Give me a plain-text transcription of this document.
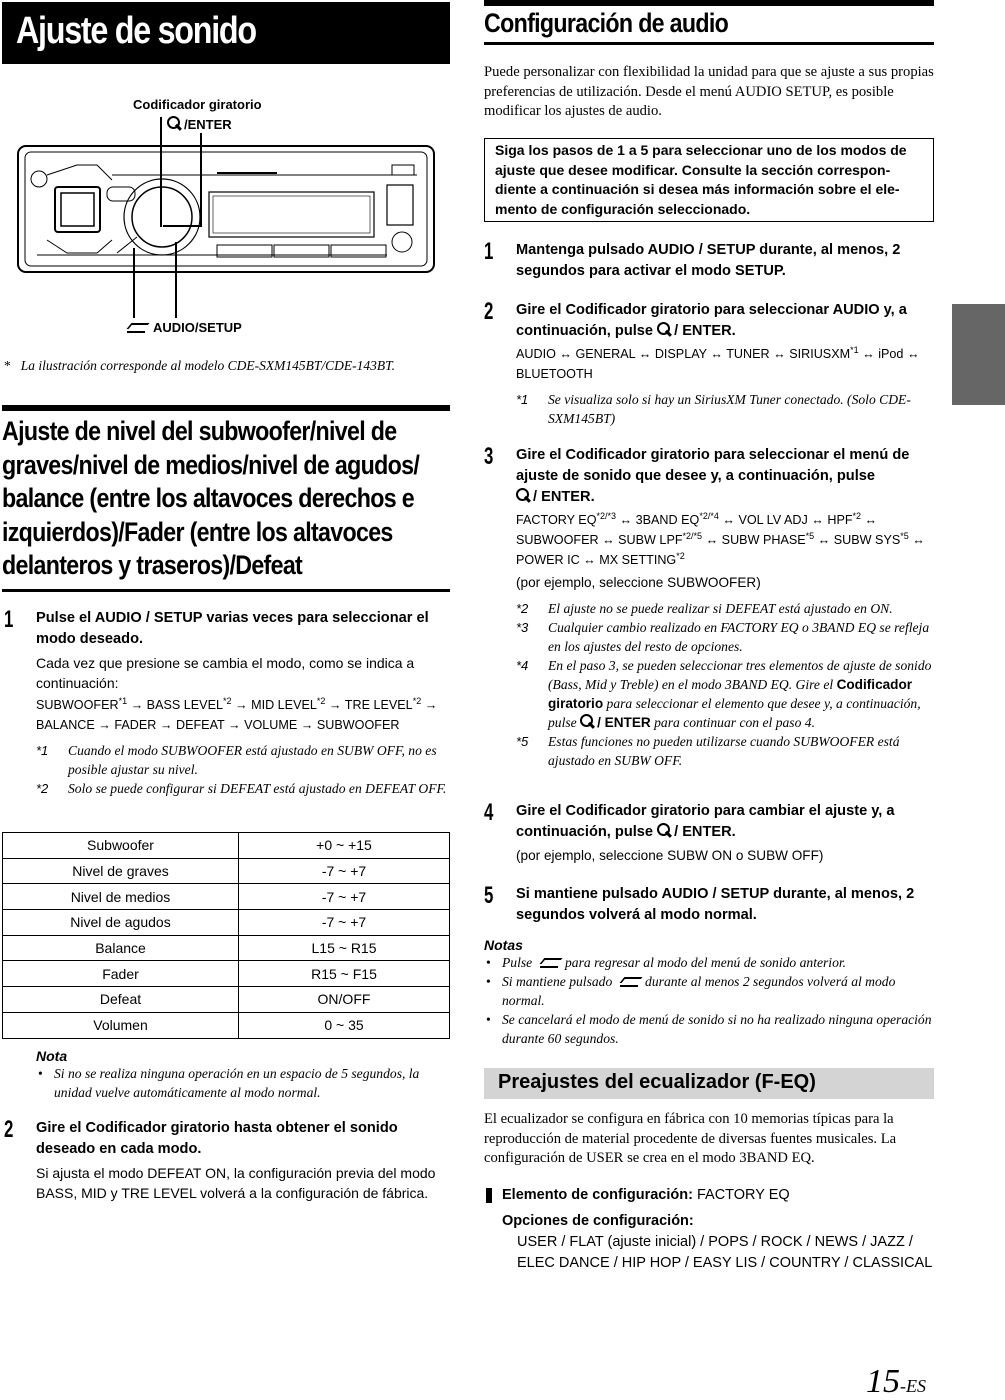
Ajuste de sonido
Codificador giratorio
/ENTER
AUDIO/SETUP
* La ilustración corresponde al modelo CDE-SXM145BT/CDE-143BT.
Ajuste de nivel del subwoofer/nivel de
graves/nivel de medios/nivel de agudos/
balance (entre los altavoces derechos e
izquierdos)/Fader (entre los altavoces
delanteros y traseros)/Defeat
1 Pulse el AUDIO / SETUP varias veces para seleccionar el modo deseado.
Cada vez que presione se cambia el modo, como se indica a continuación:
$SUBWOOFER^{*1}$ → BASS $LEVEL^{*2}$ → MID $LEVEL^{*2}$ → TRE $LEVEL^{*2}$ → BALANCE → FADER → DEFEAT → VOLUME → SUBWOOFER
*1 Cuando el modo SUBWOOFER está ajustado en SUBW OFF, no es posible ajustar su nivel.
*2 Solo se puede configurar si DEFEAT está ajustado en DEFEAT OFF.
Subwoofer	+0 ~ +15
Nivel de graves	-7 ~ +7
Nivel de medios	-7 ~ +7
Nivel de agudos	-7 ~ +7
Balance	L15 ~ R15
Fader	R15 ~ F15
Defeat	ON/OFF
Volumen	0 ~ 35
Nota
• Si no se realiza ninguna operación en un espacio de 5 segundos, la unidad vuelve automáticamente al modo normal.
2 Gire el Codificador giratorio hasta obtener el sonido deseado en cada modo.
Si ajusta el modo DEFEAT ON, la configuración previa del modo BASS, MID y TRE LEVEL volverá a la configuración de fábrica.
Configuración de audio
Puede personalizar con flexibilidad la unidad para que se ajuste a sus propias preferencias de utilización. Desde el menú AUDIO SETUP, es posible modificar los ajustes de audio.
Siga los pasos de 1 a 5 para seleccionar uno de los modos de ajuste que desee modificar. Consulte la sección correspon- diente a continuación si desea más información sobre el ele- mento de configuración seleccionado.
1 Mantenga pulsado AUDIO / SETUP durante, al menos, 2 segundos para activar el modo SETUP.
2 Gire el Codificador giratorio para seleccionar AUDIO y, a continuación, pulse / ENTER.
AUDIO ↔ GENERAL ↔ DISPLAY ↔ TUNER ↔ SIRIUSXM$^{*1}$ ↔ iPod ↔ BLUETOOTH
*1 Se visualiza solo si hay un SiriusXM Tuner conectado. (Solo CDE-SXM145BT)
3 Gire el Codificador giratorio para seleccionar el menú de ajuste de sonido que desee y, a continuación, pulse
/ ENTER.
FACTORY $EQ^{*2/*3}$ ↔ 3BAND $EQ^{*2/*4}$ ↔ VOL LV ADJ ↔ HPF$^{*2}$ ↔ SUBWOOFER ↔ SUBW $LPF^{*2/*5}$ ↔ SUBW PHASE$^{*5}$ ↔ SUBW SYS$^{*5}$ ↔ POWER IC ↔ MX SETTING$^{*2}$
(por ejemplo, seleccione SUBWOOFER)
*2 El ajuste no se puede realizar si DEFEAT está ajustado en ON.
*3 Cualquier cambio realizado en FACTORY EQ o 3BAND EQ se refleja en los ajustes del resto de opciones.
*4 En el paso 3, se pueden seleccionar tres elementos de ajuste de sonido (Bass, Mid y Treble) en el modo 3BAND EQ. Gire el Codificador giratorio para seleccionar el elemento que desee y, a continuación, pulse / ENTER para continuar con el paso 4.
*5 Estas funciones no pueden utilizarse cuando SUBWOOFER está ajustado en SUBW OFF.
4 Gire el Codificador giratorio para cambiar el ajuste y, a continuación, pulse / ENTER.
(por ejemplo, seleccione SUBW ON o SUBW OFF)
5 Si mantiene pulsado AUDIO / SETUP durante, al menos, 2 segundos volverá al modo normal.
Notas
• Pulse  para regresar al modo del menú de sonido anterior.
• Si mantiene pulsado  durante al menos 2 segundos volverá al modo normal.
• Se cancelará el modo de menú de sonido si no ha realizado ninguna operación durante 60 segundos.
Preajustes del ecualizador (F-EQ)
El ecualizador se configura en fábrica con 10 memorias típicas para la reproducción de material procedente de diversas fuentes musicales. La configuración de USER se crea en el modo 3BAND EQ.
Elemento de configuración: FACTORY EQ
Opciones de configuración:
USER / FLAT (ajuste inicial) / POPS / ROCK / NEWS / JAZZ /
ELEC DANCE / HIP HOP / EASY LIS / COUNTRY / CLASSICAL
15-ES
